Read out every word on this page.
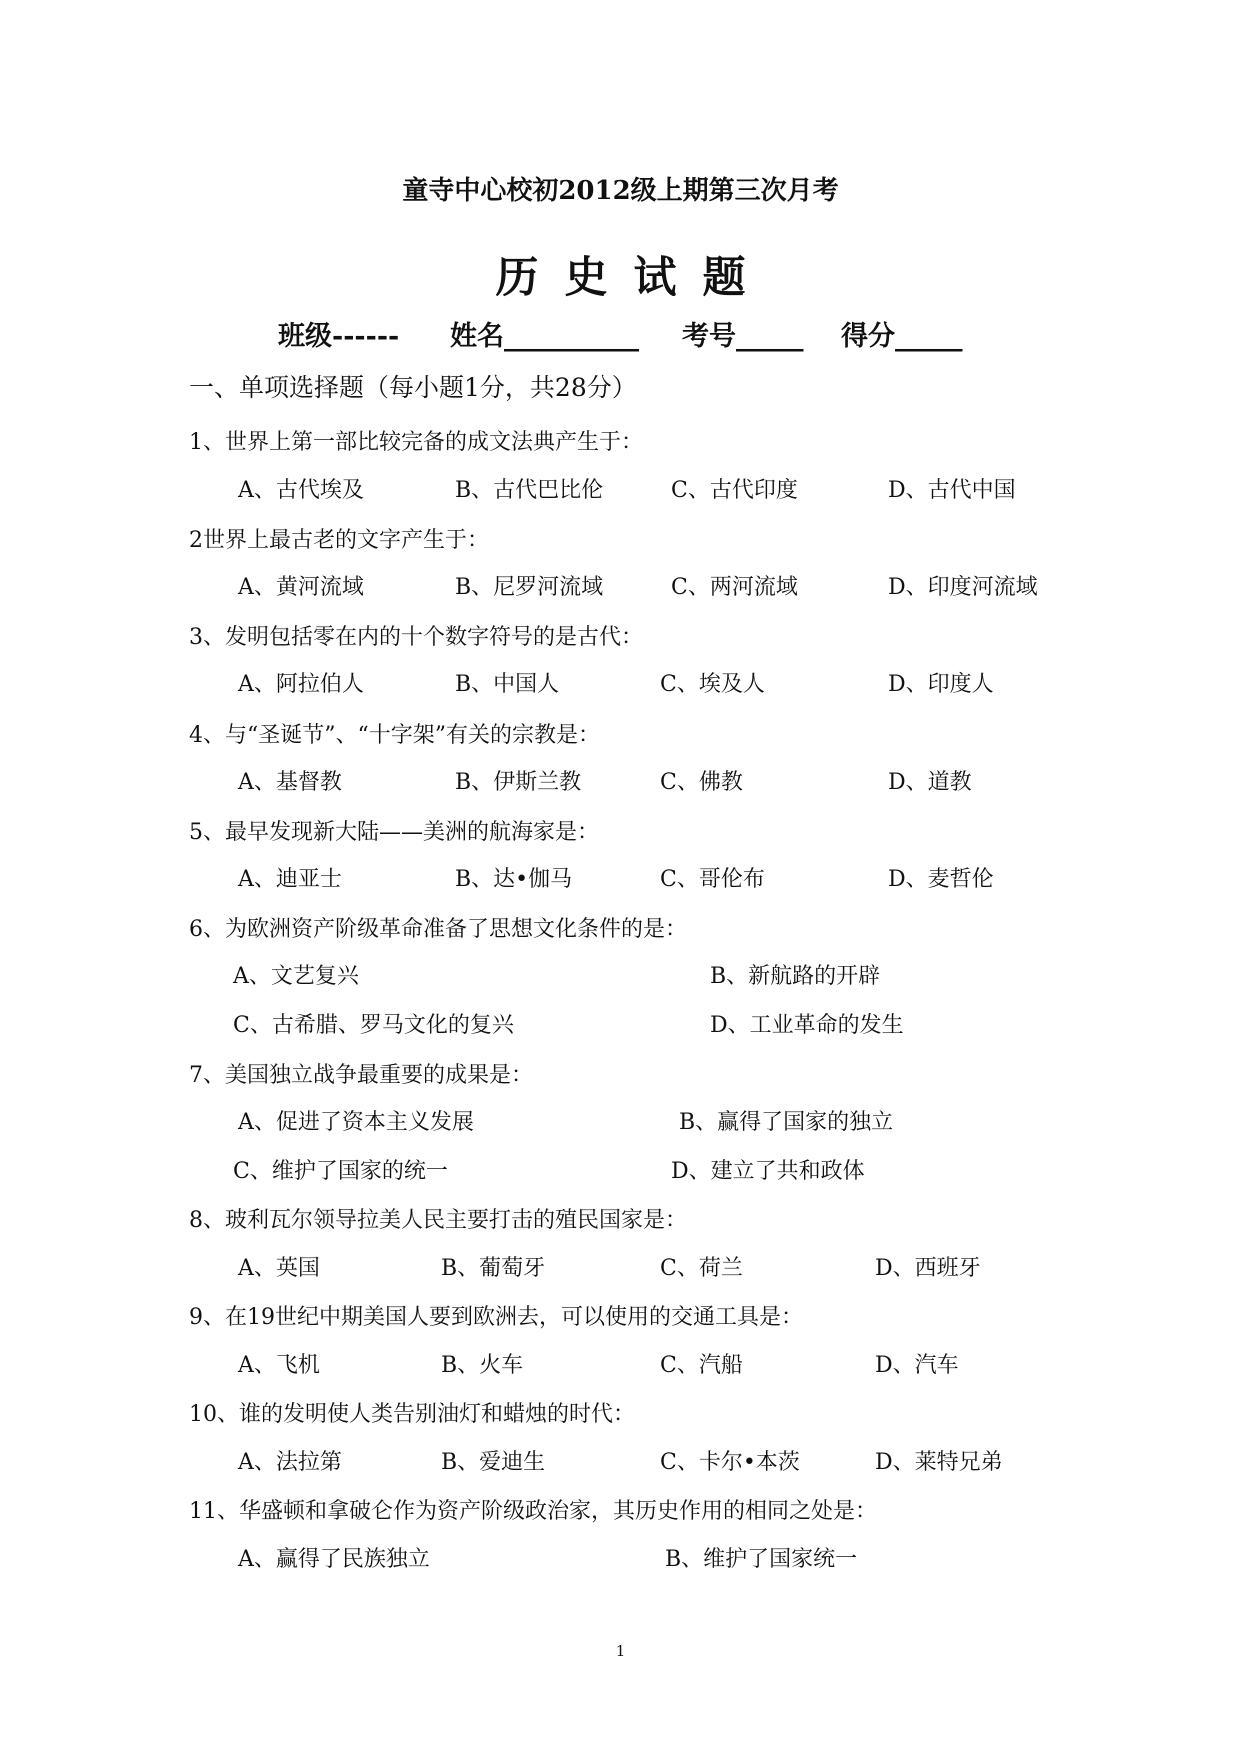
童寺中心校初2012级上期第三次月考
历史试题
班级------ 姓名__________ 考号_____ 得分_____
一、单项选择题（每小题1分，共28分）
1、世界上第一部比较完备的成文法典产生于：
A、古代埃及	B、古代巴比伦	C、古代印度	D、古代中国
2世界上最古老的文字产生于：
A、黄河流域	B、尼罗河流域	C、两河流域	D、印度河流域
3、发明包括零在内的十个数字符号的是古代：
A、阿拉伯人	B、中国人	C、埃及人	D、印度人
4、与“圣诞节”、“十字架”有关的宗教是：
A、基督教	B、伊斯兰教	C、佛教	D、道教
5、最早发现新大陆——美洲的航海家是：
A、迪亚士	B、达•伽马	C、哥伦布	D、麦哲伦
6、为欧洲资产阶级革命准备了思想文化条件的是：
A、文艺复兴	B、新航路的开辟
C、古希腊、罗马文化的复兴	D、工业革命的发生
7、美国独立战争最重要的成果是：
A、促进了资本主义发展	B、赢得了国家的独立
C、维护了国家的统一	D、建立了共和政体
8、玻利瓦尔领导拉美人民主要打击的殖民国家是：
A、英国	B、葡萄牙	C、荷兰	D、西班牙
9、在19世纪中期美国人要到欧洲去，可以使用的交通工具是：
A、飞机	B、火车	C、汽船	D、汽车
10、谁的发明使人类告别油灯和蜡烛的时代：
A、法拉第	B、爱迪生	C、卡尔•本茨	D、莱特兄弟
11、华盛顿和拿破仑作为资产阶级政治家，其历史作用的相同之处是：
A、赢得了民族独立	B、维护了国家统一
1
